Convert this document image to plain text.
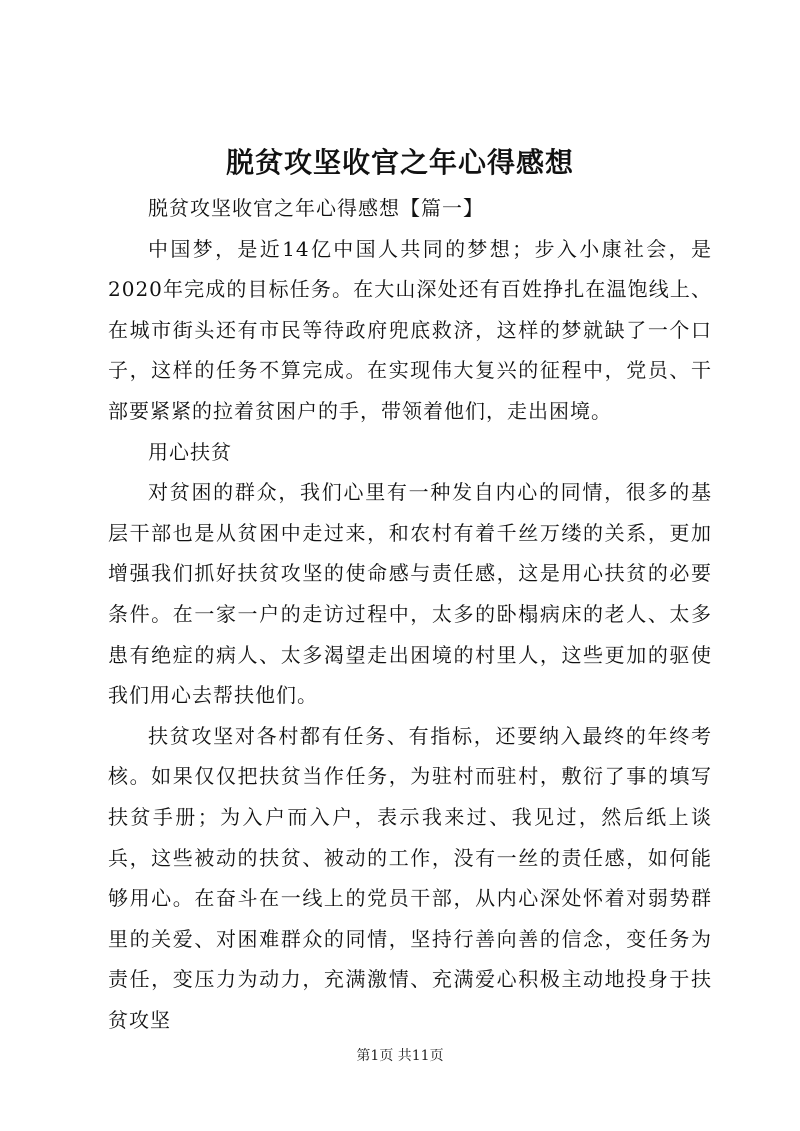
脱贫攻坚收官之年心得感想

脱贫攻坚收官之年心得感想【篇一】

中国梦，是近14亿中国人共同的梦想；步入小康社会，是2020年完成的目标任务。在大山深处还有百姓挣扎在温饱线上、在城市街头还有市民等待政府兜底救济，这样的梦就缺了一个口子，这样的任务不算完成。在实现伟大复兴的征程中，党员、干部要紧紧的拉着贫困户的手，带领着他们，走出困境。

用心扶贫

对贫困的群众，我们心里有一种发自内心的同情，很多的基层干部也是从贫困中走过来，和农村有着千丝万缕的关系，更加增强我们抓好扶贫攻坚的使命感与责任感，这是用心扶贫的必要条件。在一家一户的走访过程中，太多的卧榻病床的老人、太多患有绝症的病人、太多渴望走出困境的村里人，这些更加的驱使我们用心去帮扶他们。

扶贫攻坚对各村都有任务、有指标，还要纳入最终的年终考核。如果仅仅把扶贫当作任务，为驻村而驻村，敷衍了事的填写扶贫手册；为入户而入户，表示我来过、我见过，然后纸上谈兵，这些被动的扶贫、被动的工作，没有一丝的责任感，如何能够用心。在奋斗在一线上的党员干部，从内心深处怀着对弱势群里的关爱、对困难群众的同情，坚持行善向善的信念，变任务为责任，变压力为动力，充满激情、充满爱心积极主动地投身于扶贫攻坚

第1页 共11页
